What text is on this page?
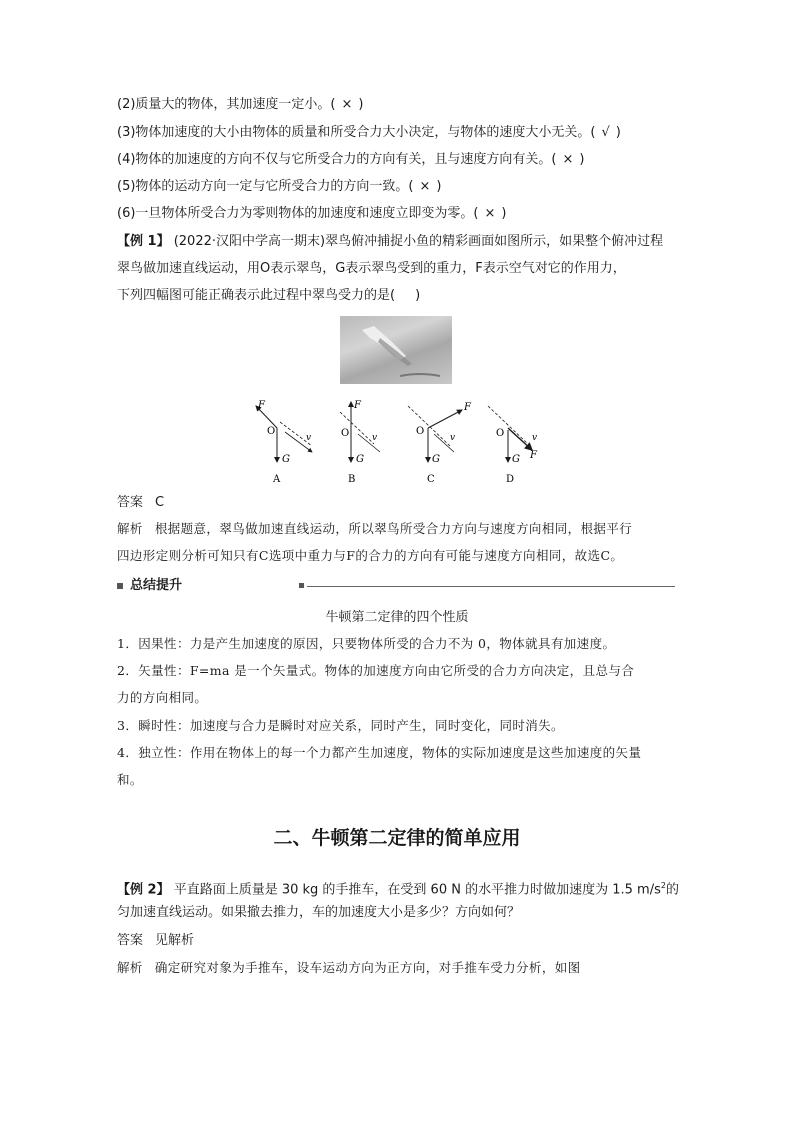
(2)质量大的物体，其加速度一定小。( × )
(3)物体加速度的大小由物体的质量和所受合力大小决定，与物体的速度大小无关。( √ )
(4)物体的加速度的方向不仅与它所受合力的方向有关，且与速度方向有关。( × )
(5)物体的运动方向一定与它所受合力的方向一致。( × )
(6)一旦物体所受合力为零则物体的加速度和速度立即变为零。( × )
【例 1】 (2022·汉阳中学高一期末)翠鸟俯冲捕捉小鱼的精彩画面如图所示，如果整个俯冲过程
翠鸟做加速直线运动，用O表示翠鸟，G表示翠鸟受到的重力，F表示空气对它的作用力，
下列四幅图可能正确表示此过程中翠鸟受力的是( )
F
O
G
v
A
F
O
G
v
B
F
O
G
v
C
O
G
v
F
D
答案 C
解析 根据题意，翠鸟做加速直线运动，所以翠鸟所受合力方向与速度方向相同，根据平行
四边形定则分析可知只有C选项中重力与F的合力的方向有可能与速度方向相同，故选C。
总结提升
牛顿第二定律的四个性质
1．因果性：力是产生加速度的原因，只要物体所受的合力不为 0，物体就具有加速度。
2．矢量性：F=ma 是一个矢量式。物体的加速度方向由它所受的合力方向决定，且总与合
力的方向相同。
3．瞬时性：加速度与合力是瞬时对应关系，同时产生，同时变化，同时消失。
4．独立性：作用在物体上的每一个力都产生加速度，物体的实际加速度是这些加速度的矢量
和。
二、牛顿第二定律的简单应用
【例 2】 平直路面上质量是 30 kg 的手推车，在受到 60 N 的水平推力时做加速度为 1.5 $m/s^2$的
匀加速直线运动。如果撤去推力，车的加速度大小是多少？方向如何？
答案 见解析
解析 确定研究对象为手推车，设车运动方向为正方向，对手推车受力分析，如图
